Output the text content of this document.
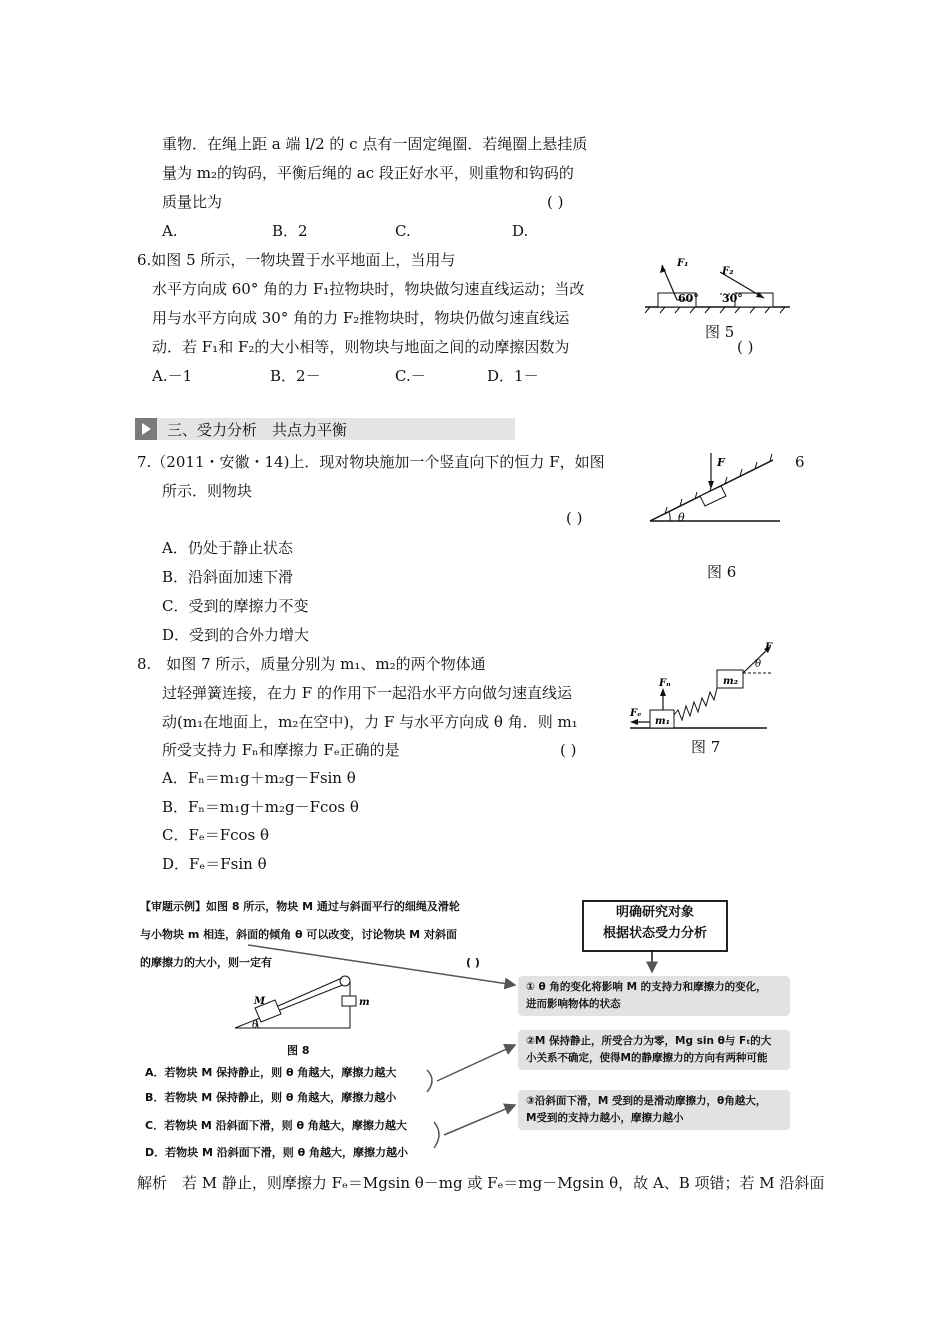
重物．在绳上距 a 端 l/2 的 c 点有一固定绳圈．若绳圈上悬挂质
量为 m₂的钩码，平衡后绳的 ac 段正好水平，则重物和钩码的
质量比为	( )
A.	B．2	C.	D.
6.如图 5 所示，一物块置于水平地面上，当用与
水平方向成 60° 角的力 F₁拉物块时，物块做匀速直线运动；当改
用与水平方向成 30° 角的力 F₂推物块时，物块仍做匀速直线运
动．若 F₁和 F₂的大小相等，则物块与地面之间的动摩擦因数为	( )
A.－1	B．2－	C.－	D．1－
F₁
F₂
60° 30°
图 5
三、受力分析　共点力平衡
7.（2011・安徽・14)上．现对物块施加一个竖直向下的恒力 F，如图
所示．则物块
6
( )
A．仍处于静止状态
B．沿斜面加速下滑
C．受到的摩擦力不变
D．受到的合外力增大
F
θ
图 6
8.　如图 7 所示，质量分别为 m₁、m₂的两个物体通
过轻弹簧连接，在力 F 的作用下一起沿水平方向做匀速直线运
动(m₁在地面上，m₂在空中)，力 F 与水平方向成 θ 角．则 m₁
所受支持力 Fₙ和摩擦力 Fₑ正确的是	( )
A．Fₙ＝m₁g＋m₂g－Fsin θ
B．Fₙ＝m₁g＋m₂g－Fcos θ
C．Fₑ＝Fcos θ
D．Fₑ＝Fsin θ
m₁
m₂
Fₙ
Fₑ
F
θ
图 7
【审题示例】如图 8 所示，物块 M 通过与斜面平行的细绳及滑轮
与小物块 m 相连，斜面的倾角 θ 可以改变，讨论物块 M 对斜面
的摩擦力的大小，则一定有	( )
M	m
θ
图 8
A．若物块 M 保持静止，则 θ 角越大，摩擦力越大
B．若物块 M 保持静止，则 θ 角越大，摩擦力越小
C．若物块 M 沿斜面下滑，则 θ 角越大，摩擦力越大
D．若物块 M 沿斜面下滑，则 θ 角越大，摩擦力越小
明确研究对象
根据状态受力分析
① θ 角的变化将影响 M 的支持力和摩擦力的变化，
进而影响物体的状态
②M 保持静止，所受合力为零，Mg sin θ与 Fₜ的大
小关系不确定，使得M的静摩擦力的方向有两种可能
③沿斜面下滑，M 受到的是滑动摩擦力，θ角越大，
M受到的支持力越小，摩擦力越小
解析　若 M 静止，则摩擦力 Fₑ＝Mgsin θ－mg 或 Fₑ＝mg－Mgsin θ，故 A、B 项错；若 M 沿斜面
